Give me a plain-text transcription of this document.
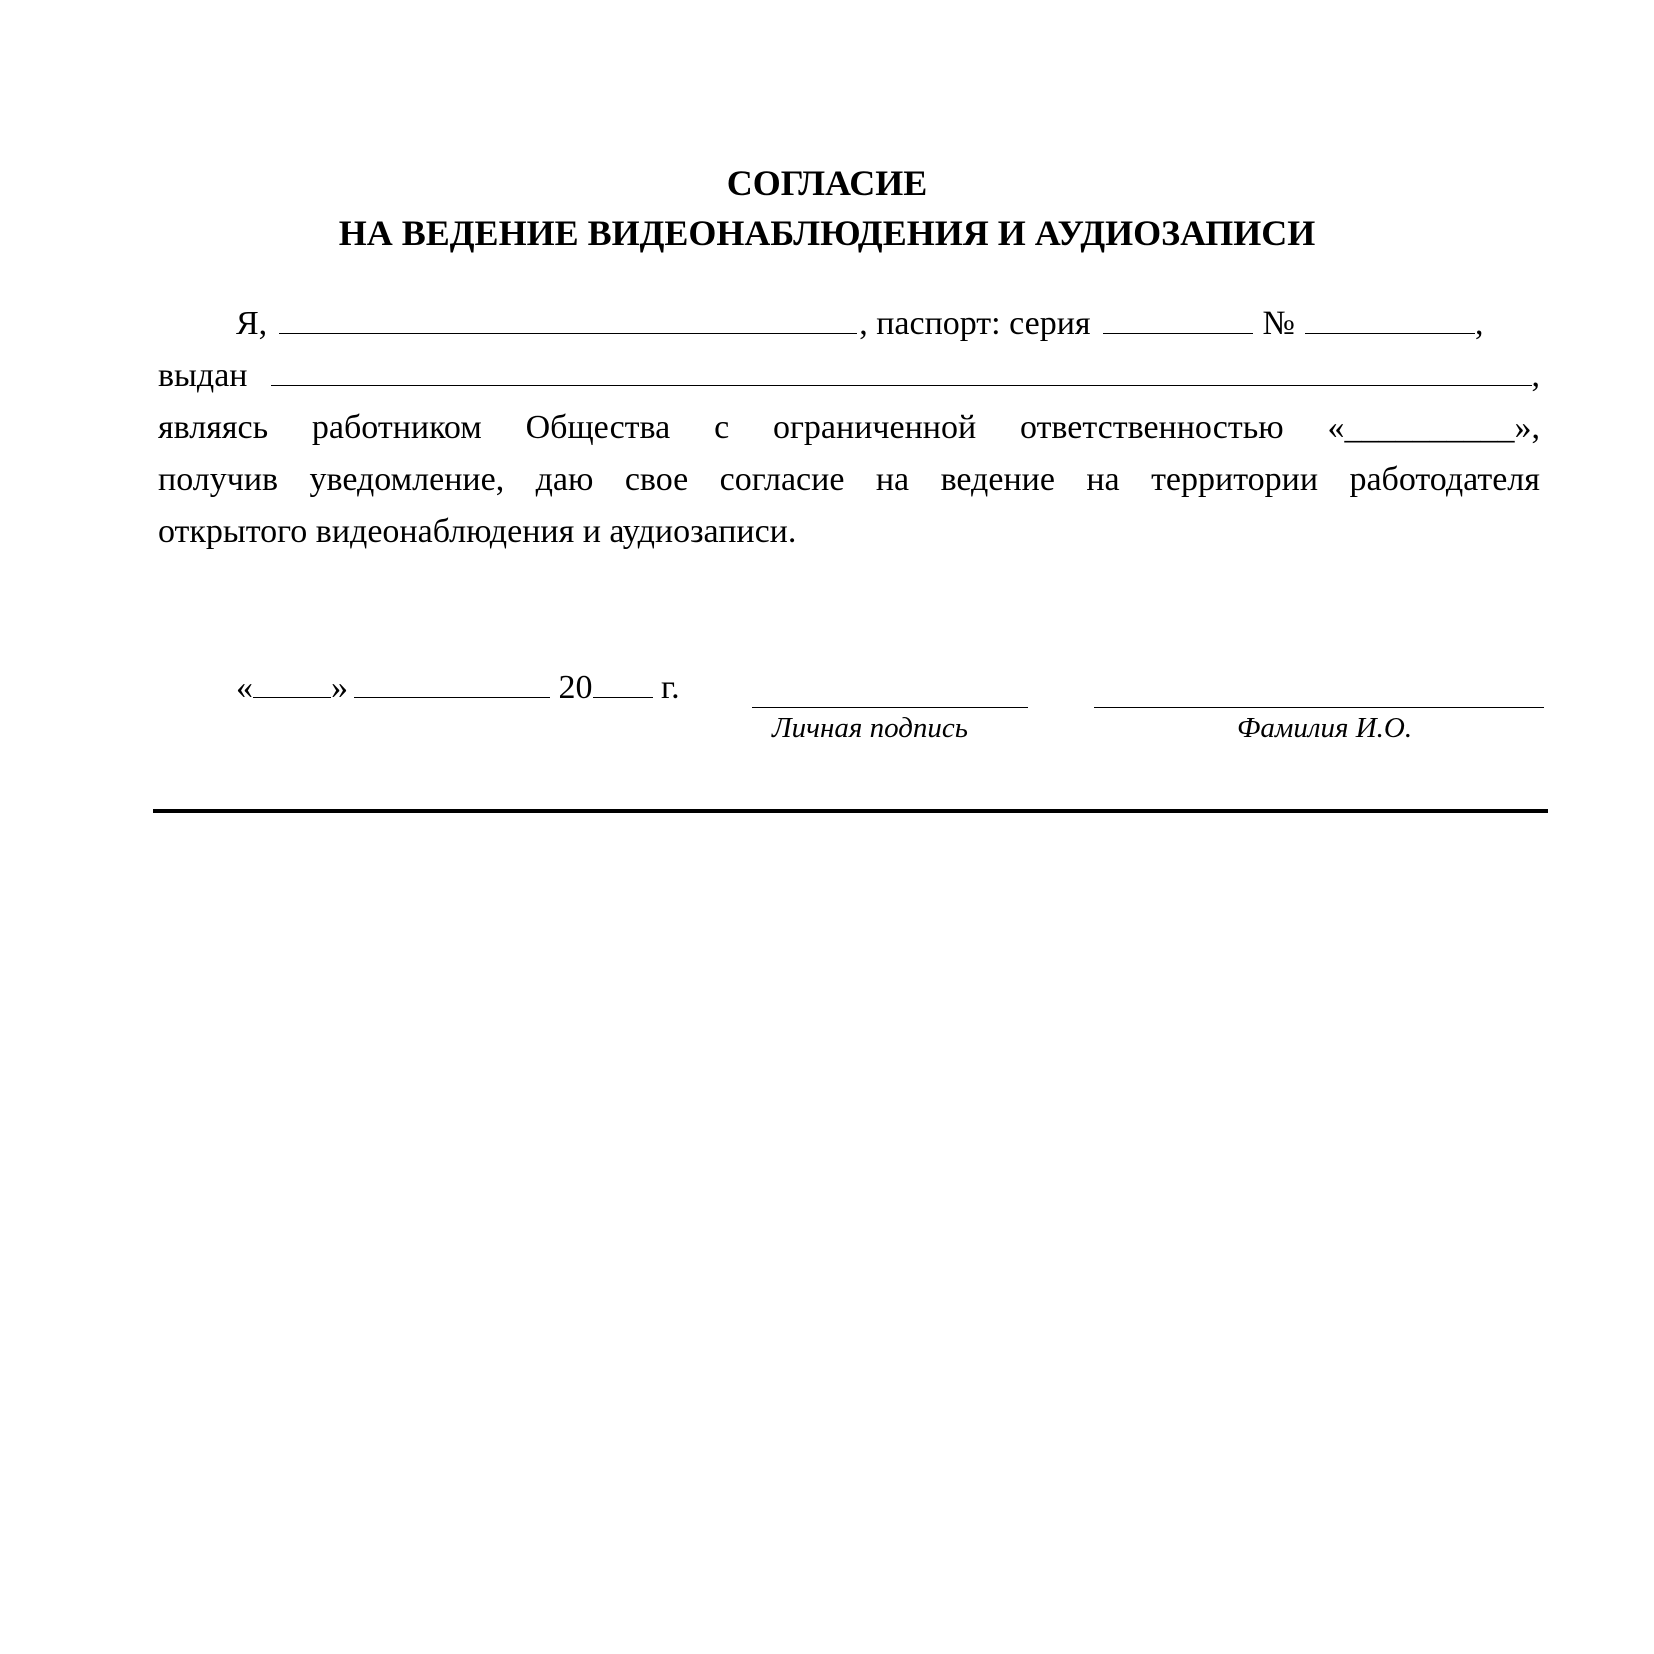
СОГЛАСИЕ
НА ВЕДЕНИЕ ВИДЕОНАБЛЮДЕНИЯ И АУДИОЗАПИСИ
Я,	, паспорт: серия	№	,
выдан	,
являясь работником Общества с ограниченной ответственностью «__________»,
получив уведомление, даю свое согласие на ведение на территории работодателя
открытого видеонаблюдения и аудиозаписи.
« »	20 г.
Личная подпись	Фамилия И.О.
